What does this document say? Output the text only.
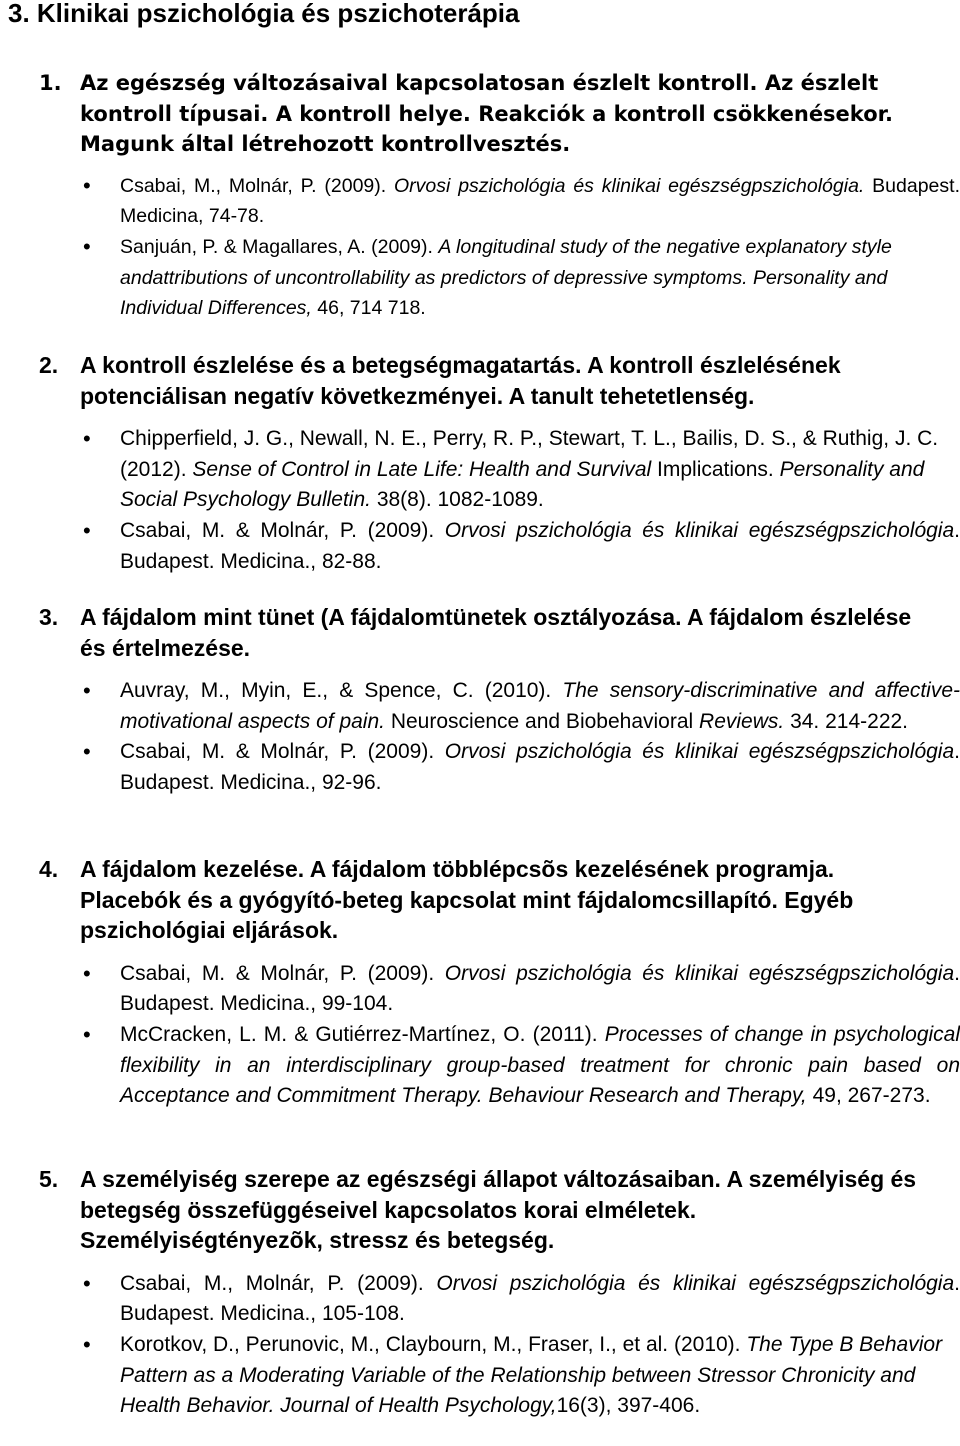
3. Klinikai pszichológia és pszichoterápia
1. Az egészség változásaival kapcsolatosan észlelt kontroll. Az észlelt kontroll típusai. A kontroll helye. Reakciók a kontroll csökkenésekor. Magunk által létrehozott kontrollvesztés.
• Csabai, M., Molnár, P. (2009). Orvosi pszichológia és klinikai egészségpszichológia. Budapest. Medicina, 74-78.
• Sanjuán, P. & Magallares, A. (2009). A longitudinal study of the negative explanatory style andattributions of uncontrollability as predictors of depressive symptoms. Personality and Individual Differences, 46, 714 718.
2. A kontroll észlelése és a betegségmagatartás. A kontroll észlelésének potenciálisan negatív következményei. A tanult tehetetlenség.
• Chipperfield, J. G., Newall, N. E., Perry, R. P., Stewart, T. L., Bailis, D. S., & Ruthig, J. C. (2012). Sense of Control in Late Life: Health and Survival Implications. Personality and Social Psychology Bulletin. 38(8). 1082-1089.
• Csabai, M. & Molnár, P. (2009). Orvosi pszichológia és klinikai egészségpszichológia. Budapest. Medicina., 82-88.
3. A fájdalom mint tünet (A fájdalomtünetek osztályozása. A fájdalom észlelése és értelmezése.
• Auvray, M., Myin, E., & Spence, C. (2010). The sensory-discriminative and affective- motivational aspects of pain. Neuroscience and Biobehavioral Reviews. 34. 214-222.
• Csabai, M. & Molnár, P. (2009). Orvosi pszichológia és klinikai egészségpszichológia. Budapest. Medicina., 92-96.
4. A fájdalom kezelése. A fájdalom többlépcsõs kezelésének programja. Placebók és a gyógyító-beteg kapcsolat mint fájdalomcsillapító. Egyéb pszichológiai eljárások.
• Csabai, M. & Molnár, P. (2009). Orvosi pszichológia és klinikai egészségpszichológia. Budapest. Medicina., 99-104.
• McCracken, L. M. & Gutiérrez-Martínez, O. (2011). Processes of change in psychological flexibility in an interdisciplinary group-based treatment for chronic pain based on Acceptance and Commitment Therapy. Behaviour Research and Therapy, 49, 267-273.
5. A személyiség szerepe az egészségi állapot változásaiban. A személyiség és betegség összefüggéseivel kapcsolatos korai elméletek. Személyiségtényezõk, stressz és betegség.
• Csabai, M., Molnár, P. (2009). Orvosi pszichológia és klinikai egészségpszichológia. Budapest. Medicina., 105-108.
• Korotkov, D., Perunovic, M., Claybourn, M., Fraser, I., et al. (2010). The Type B Behavior Pattern as a Moderating Variable of the Relationship between Stressor Chronicity and Health Behavior. Journal of Health Psychology,16(3), 397-406.
